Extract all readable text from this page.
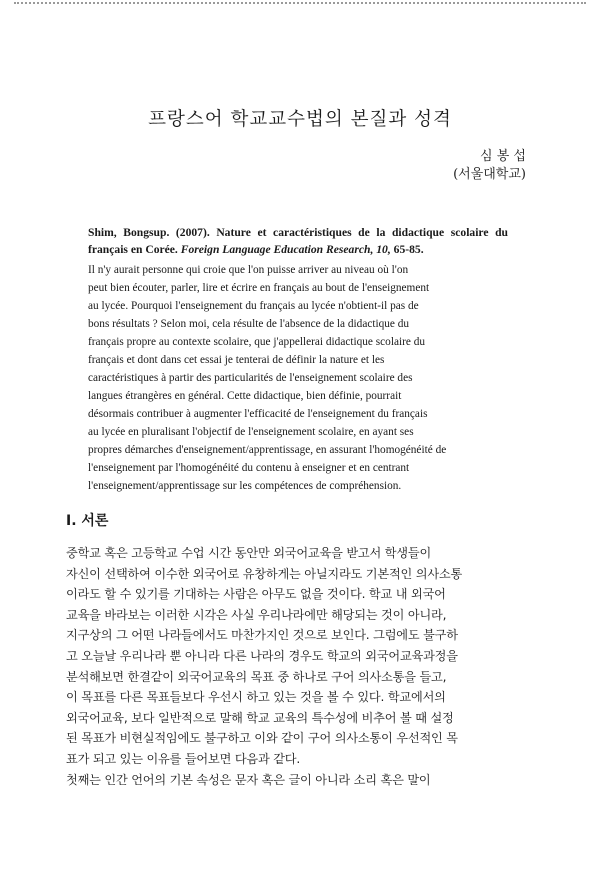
프랑스어 학교교수법의 본질과 성격
심 봉 섭
(서울대학교)
Shim, Bongsup. (2007). Nature et caractéristiques de la didactique scolaire du français en Corée. Foreign Language Education Research, 10, 65-85.
Il n'y aurait personne qui croie que l'on puisse arriver au niveau où l'on
peut bien écouter, parler, lire et écrire en français au bout de l'enseignement
au lycée. Pourquoi l'enseignement du français au lycée n'obtient-il pas de
bons résultats ? Selon moi, cela résulte de l'absence de la didactique du
français propre au contexte scolaire, que j'appellerai didactique scolaire du
français et dont dans cet essai je tenterai de définir la nature et les
caractéristiques à partir des particularités de l'enseignement scolaire des
langues étrangères en général. Cette didactique, bien définie, pourrait
désormais contribuer à augmenter l'efficacité de l'enseignement du français
au lycée en pluralisant l'objectif de l'enseignement scolaire, en ayant ses
propres démarches d'enseignement/apprentissage, en assurant l'homogénéité de
l'enseignement par l'homogénéité du contenu à enseigner et en centrant
l'enseignement/apprentissage sur les compétences de compréhension.
Ⅰ. 서론
중학교 혹은 고등학교 수업 시간 동안만 외국어교육을 받고서 학생들이
자신이 선택하여 이수한 외국어로 유창하게는 아닐지라도 기본적인 의사소통
이라도 할 수 있기를 기대하는 사람은 아무도 없을 것이다. 학교 내 외국어
교육을 바라보는 이러한 시각은 사실 우리나라에만 해당되는 것이 아니라,
지구상의 그 어떤 나라들에서도 마찬가지인 것으로 보인다. 그럼에도 불구하
고 오늘날 우리나라 뿐 아니라 다른 나라의 경우도 학교의 외국어교육과정을
분석해보면 한결같이 외국어교육의 목표 중 하나로 구어 의사소통을 들고,
이 목표를 다른 목표들보다 우선시 하고 있는 것을 볼 수 있다. 학교에서의
외국어교육, 보다 일반적으로 말해 학교 교육의 특수성에 비추어 볼 때 설정
된 목표가 비현실적임에도 불구하고 이와 같이 구어 의사소통이 우선적인 목
표가 되고 있는 이유를 들어보면 다음과 같다.
첫째는 인간 언어의 기본 속성은 문자 혹은 글이 아니라 소리 혹은 말이
